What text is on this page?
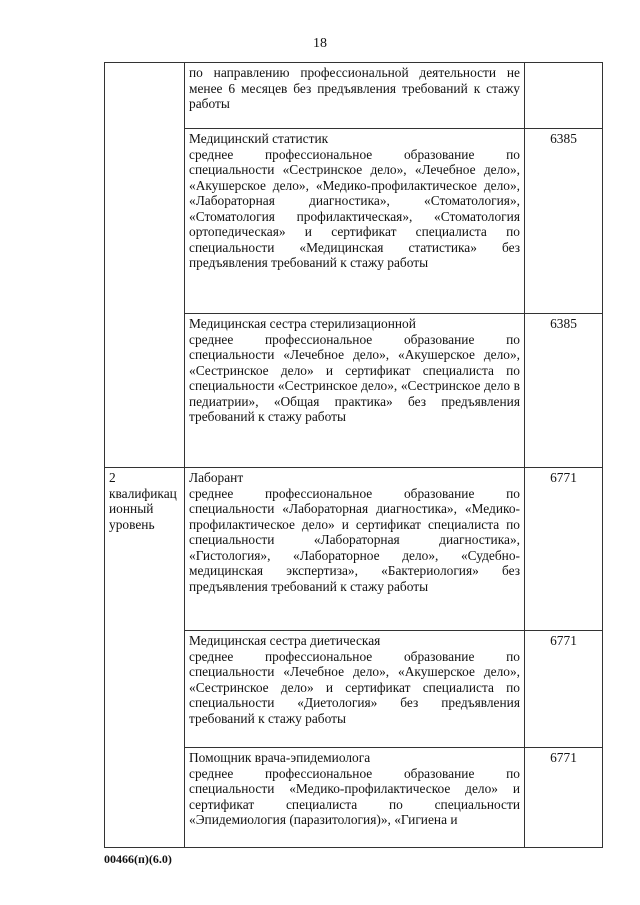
18

	по направлению профессиональной деятельности не менее 6 месяцев без предъявления требований к стажу работы	

	Медицинский статистик
среднее профессиональное образование по специальности «Сестринское дело», «Лечебное дело», «Акушерское дело», «Медико-профилактическое дело», «Лабораторная диагностика», «Стоматология», «Стоматология профилактическая», «Стоматология ортопедическая» и сертификат специалиста по специальности «Медицинская статистика» без предъявления требований к стажу работы	6385

	Медицинская сестра стерилизационной
среднее профессиональное образование по специальности «Лечебное дело», «Акушерское дело», «Сестринское дело» и сертификат специалиста по специальности «Сестринское дело», «Сестринское дело в педиатрии», «Общая практика» без предъявления требований к стажу работы	6385
2 квалификац ионный уровень	Лаборант
среднее профессиональное образование по специальности «Лабораторная диагностика», «Медико-профилактическое дело» и сертификат специалиста по специальности «Лабораторная диагностика», «Гистология», «Лабораторное дело», «Судебно-медицинская экспертиза», «Бактериология» без предъявления требований к стажу работы	6771

	Медицинская сестра диетическая
среднее профессиональное образование по специальности «Лечебное дело», «Акушерское дело», «Сестринское дело» и сертификат специалиста по специальности «Диетология» без предъявления требований к стажу работы	6771

	Помощник врача-эпидемиолога
среднее профессиональное образование по специальности «Медико-профилактическое дело» и сертификат специалиста по специальности «Эпидемиология (паразитология)», «Гигиена и	6771
00466(п)(6.0)
